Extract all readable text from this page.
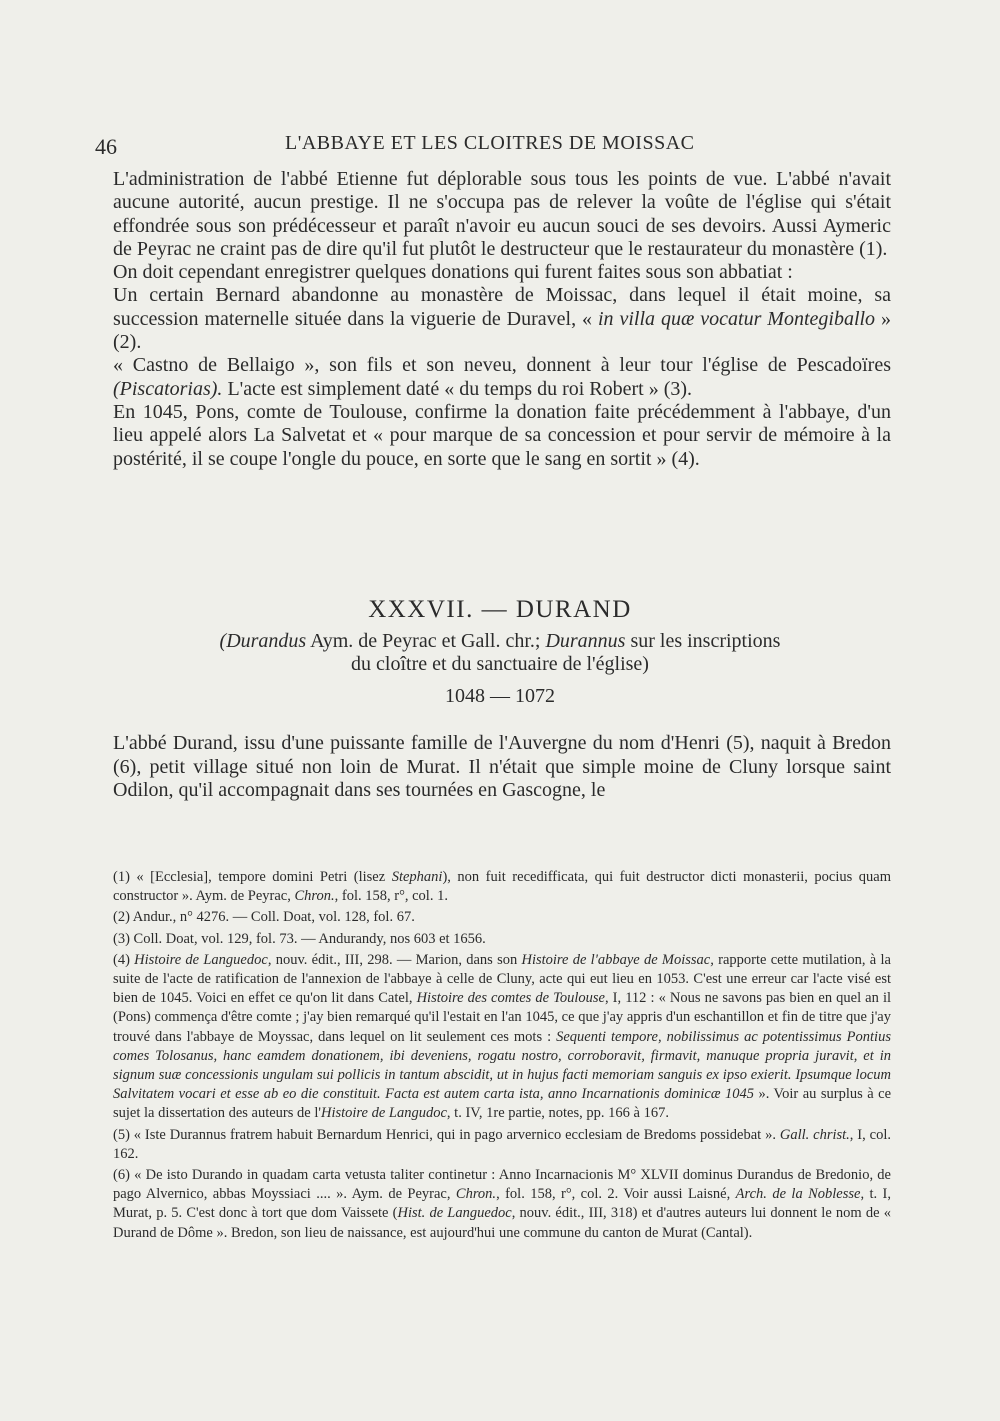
46	L'ABBAYE ET LES CLOITRES DE MOISSAC

L'administration de l'abbé Etienne fut déplorable sous tous les points de vue. L'abbé n'avait aucune autorité, aucun prestige. Il ne s'occupa pas de relever la voûte de l'église qui s'était effondrée sous son prédécesseur et paraît n'avoir eu aucun souci de ses devoirs. Aussi Aymeric de Peyrac ne craint pas de dire qu'il fut plutôt le destructeur que le restaurateur du monastère (1).

On doit cependant enregistrer quelques donations qui furent faites sous son abbatiat :

Un certain Bernard abandonne au monastère de Moissac, dans lequel il était moine, sa succession maternelle située dans la viguerie de Duravel, « in villa quæ vocatur Montegiballo » (2).

« Castno de Bellaigo », son fils et son neveu, donnent à leur tour l'église de Pescadoïres (Piscatorias). L'acte est simplement daté « du temps du roi Robert » (3).

En 1045, Pons, comte de Toulouse, confirme la donation faite précédemment à l'abbaye, d'un lieu appelé alors La Salvetat et « pour marque de sa concession et pour servir de mémoire à la postérité, il se coupe l'ongle du pouce, en sorte que le sang en sortit » (4).

XXXVII. — DURAND
(Durandus Aym. de Peyrac et Gall. chr.; Durannus sur les inscriptions
du cloître et du sanctuaire de l'église)
1048 — 1072

L'abbé Durand, issu d'une puissante famille de l'Auvergne du nom d'Henri (5), naquit à Bredon (6), petit village situé non loin de Murat. Il n'était que simple moine de Cluny lorsque saint Odilon, qu'il accompagnait dans ses tournées en Gascogne, le

(1) « [Ecclesia], tempore domini Petri (lisez Stephani), non fuit recedifficata, qui fuit destructor dicti monasterii, pocius quam constructor ». Aym. de Peyrac, Chron., fol. 158, r°, col. 1.

(2) Andur., n° 4276. — Coll. Doat, vol. 128, fol. 67.

(3) Coll. Doat, vol. 129, fol. 73. — Andurandy, nos 603 et 1656.

(4) Histoire de Languedoc, nouv. édit., III, 298. — Marion, dans son Histoire de l'abbaye de Moissac, rapporte cette mutilation, à la suite de l'acte de ratification de l'annexion de l'abbaye à celle de Cluny, acte qui eut lieu en 1053. C'est une erreur car l'acte visé est bien de 1045. Voici en effet ce qu'on lit dans Catel, Histoire des comtes de Toulouse, I, 112 : « Nous ne savons pas bien en quel an il (Pons) commença d'être comte ; j'ay bien remarqué qu'il l'estait en l'an 1045, ce que j'ay appris d'un eschantillon et fin de titre que j'ay trouvé dans l'abbaye de Moyssac, dans lequel on lit seulement ces mots : Sequenti tempore, nobilissimus ac potentissimus Pontius comes Tolosanus, hanc eamdem donationem, ibi deveniens, rogatu nostro, corroboravit, firmavit, manuque propria juravit, et in signum suæ concessionis ungulam sui pollicis in tantum abscidit, ut in hujus facti memoriam sanguis ex ipso exierit. Ipsumque locum Salvitatem vocari et esse ab eo die constituit. Facta est autem carta ista, anno Incarnationis dominicæ 1045 ». Voir au surplus à ce sujet la dissertation des auteurs de l'Histoire de Langudoc, t. IV, 1re partie, notes, pp. 166 à 167.

(5) « Iste Durannus fratrem habuit Bernardum Henrici, qui in pago arvernico ecclesiam de Bredoms possidebat ». Gall. christ., I, col. 162.

(6) « De isto Durando in quadam carta vetusta taliter continetur : Anno Incarnacionis M° XLVII dominus Durandus de Bredonio, de pago Alvernico, abbas Moyssiaci .... ». Aym. de Peyrac, Chron., fol. 158, r°, col. 2. Voir aussi Laisné, Arch. de la Noblesse, t. I, Murat, p. 5. C'est donc à tort que dom Vaissete (Hist. de Languedoc, nouv. édit., III, 318) et d'autres auteurs lui donnent le nom de « Durand de Dôme ». Bredon, son lieu de naissance, est aujourd'hui une commune du canton de Murat (Cantal).
